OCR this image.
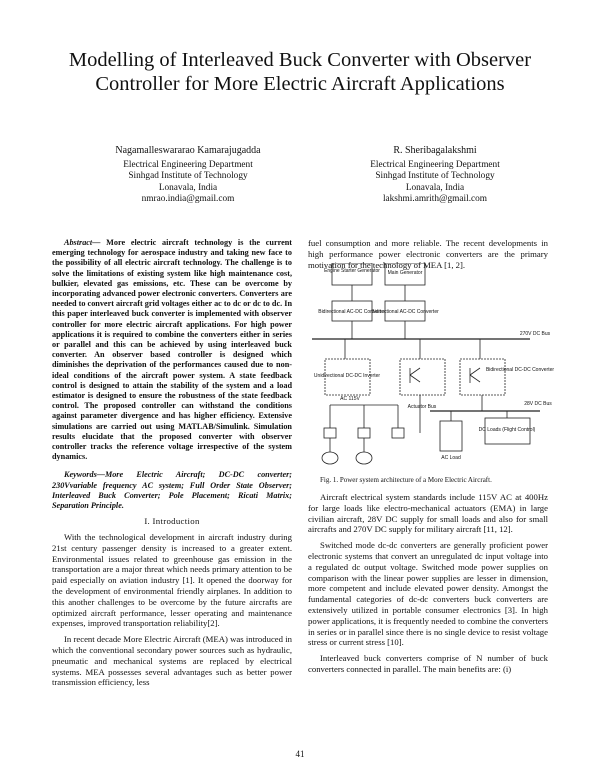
Modelling of Interleaved Buck Converter with Observer Controller for More Electric Aircraft Applications
Nagamalleswararao Kamarajugadda
Electrical Engineering Department
Sinhgad Institute of Technology
Lonavala, India
nmrao.india@gmail.com
R. Sheribagalakshmi
Electrical Engineering Department
Sinhgad Institute of Technology
Lonavala, India
lakshmi.amrith@gmail.com

Abstract— More electric aircraft technology is the current emerging technology for aerospace industry and taking new face to the possibility of all electric aircraft technology. The challenge is to solve the limitations of existing system like high maintenance cost, bulkier, elevated gas emissions, etc. These can be overcome by incorporating advanced power electronic converters. Converters are needed to convert aircraft grid voltages either ac to dc or dc to dc. In this paper interleaved buck converter is implemented with observer controller for more electric aircraft applications. For high power applications it is required to combine the converters either in series or parallel and this can be achieved by using interleaved buck converter. An observer based controller is designed which diminishes the deprivation of the performances caused due to non-ideal conditions of the aircraft power system. A state feedback control is designed to attain the stability of the system and a load estimator is designed to ensure the robustness of the state feedback control. The proposed controller can withstand the conditions against parameter divergence and has higher efficiency. Extensive simulations are carried out using MATLAB/Simulink. Simulation results elucidate that the proposed converter with observer controller tracks the reference voltage irrespective of the system dynamics.

Keywords—More Electric Aircraft; DC-DC converter; 230Vvariable frequency AC system; Full Order State Observer; Interleaved Buck Converter; Pole Placement; Ricati Matrix; Separation Principle.

I. Introduction

With the technological development in aircraft industry during 21st century passenger density is increased to a greater extent. Environmental issues related to greenhouse gas emission in the transportation are a major threat which needs primary attention to be paid especially on aviation industry [1]. It opened the doorway for the development of environmental friendly airplanes. In addition to this another challenges to be overcome by the future aircrafts are optimized aircraft performance, lesser operating and maintenance expenses, improved transportation reliability[2].

In recent decade More Electric Aircraft (MEA) was introduced in which the conventional secondary power sources such as hydraulic, pneumatic and mechanical systems are replaced by electrical systems. MEA possesses several advantages such as better power transmission efficiency, less

fuel consumption and more reliable. The recent developments in high performance power electronic converters are the primary motivation for the technology of MEA [1, 2].

Engine Starter Generator Main Generator
Bidirectional AC-DC Converter
Bidirectional AC-DC Converter
270V DC Bus
Unidirectional DC-DC Inverter
Bidirectional DC-DC Converter
28V DC Bus
Actuator Bus
AC 115V
DC Loads (Flight Control)
AC Load
Fig. 1. Power system architecture of a More Electric Aircraft.

Aircraft electrical system standards include 115V AC at 400Hz for large loads like electro-mechanical actuators (EMA) in large civilian aircraft, 28V DC supply for small loads and also for small aircrafts and 270V DC supply for military aircraft [11, 12].

Switched mode dc-dc converters are generally proficient power electronic systems that convert an unregulated dc input voltage into a regulated dc output voltage. Switched mode power supplies on comparison with the linear power supplies are lesser in dimension, more competent and include elevated power density. Amongst the fundamental categories of dc-dc converters buck converters are extensively utilized in portable consumer electronics [3]. In high power applications, it is frequently needed to combine the converters in series or in parallel since there is no single device to resist voltage stress or current stress [10].

Interleaved buck converters comprise of N number of buck converters connected in parallel. The main benefits are: (i)

41
